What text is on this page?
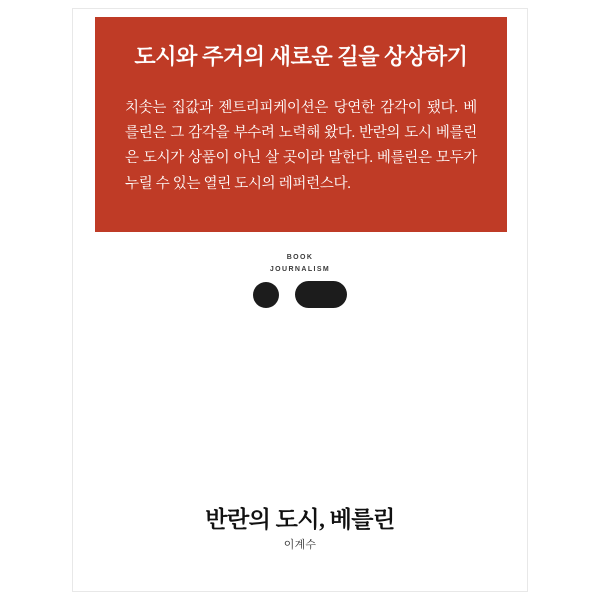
도시와 주거의 새로운 길을 상상하기
치솟는 집값과 젠트리피케이션은 당연한 감각이 됐다. 베를린은 그 감각을 부수려 노력해 왔다. 반란의 도시 베를린은 도시가 상품이 아닌 살 곳이라 말한다. 베를린은 모두가 누릴 수 있는 열린 도시의 레퍼런스다.
BOOK
JOURNALISM
반란의 도시, 베를린
이계수
